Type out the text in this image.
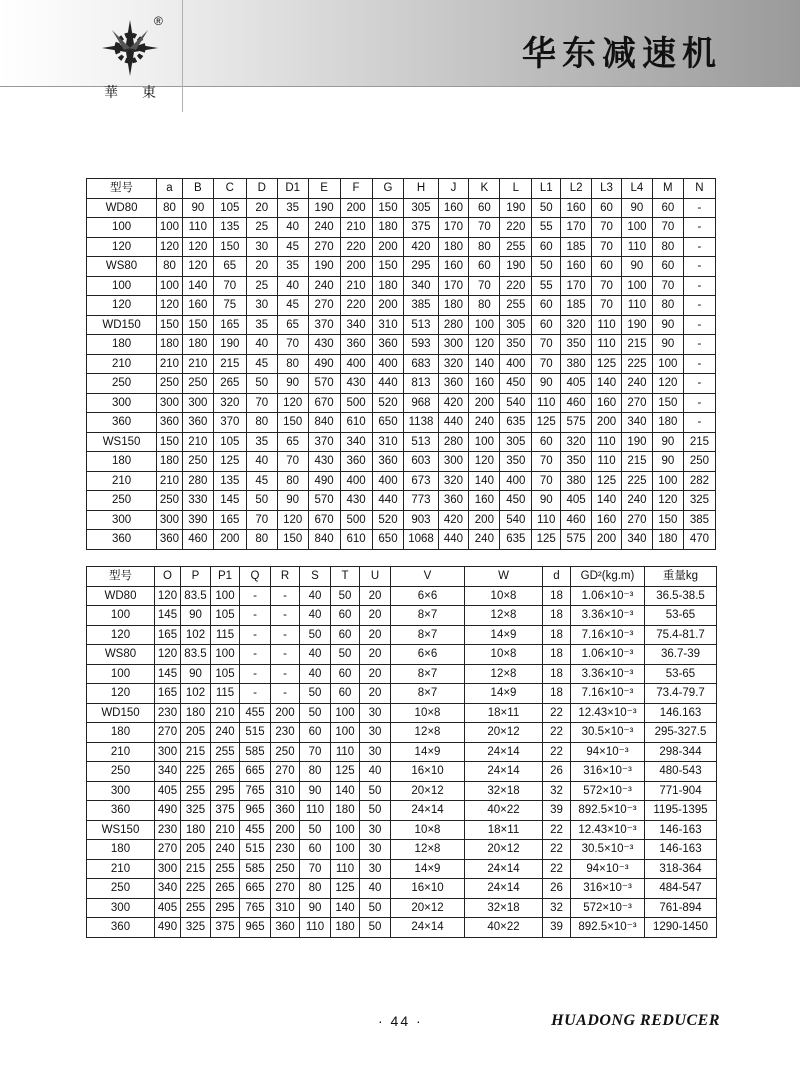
®
華 東
华东减速机
型号	a	B	C	D	D1	E	F	G	H	J	K	L	L1	L2	L3	L4	M	N
WD80	80	90	105	20	35	190	200	150	305	160	60	190	50	160	60	90	60	-
100	100	110	135	25	40	240	210	180	375	170	70	220	55	170	70	100	70	-
120	120	120	150	30	45	270	220	200	420	180	80	255	60	185	70	110	80	-
WS80	80	120	65	20	35	190	200	150	295	160	60	190	50	160	60	90	60	-
100	100	140	70	25	40	240	210	180	340	170	70	220	55	170	70	100	70	-
120	120	160	75	30	45	270	220	200	385	180	80	255	60	185	70	110	80	-
WD150	150	150	165	35	65	370	340	310	513	280	100	305	60	320	110	190	90	-
180	180	180	190	40	70	430	360	360	593	300	120	350	70	350	110	215	90	-
210	210	210	215	45	80	490	400	400	683	320	140	400	70	380	125	225	100	-
250	250	250	265	50	90	570	430	440	813	360	160	450	90	405	140	240	120	-
300	300	300	320	70	120	670	500	520	968	420	200	540	110	460	160	270	150	-
360	360	360	370	80	150	840	610	650	1138	440	240	635	125	575	200	340	180	-
WS150	150	210	105	35	65	370	340	310	513	280	100	305	60	320	110	190	90	215
180	180	250	125	40	70	430	360	360	603	300	120	350	70	350	110	215	90	250
210	210	280	135	45	80	490	400	400	673	320	140	400	70	380	125	225	100	282
250	250	330	145	50	90	570	430	440	773	360	160	450	90	405	140	240	120	325
300	300	390	165	70	120	670	500	520	903	420	200	540	110	460	160	270	150	385
360	360	460	200	80	150	840	610	650	1068	440	240	635	125	575	200	340	180	470
型号	O	P	P1	Q	R	S	T	U	V	W	d	GD²(kg.m)	重量kg
WD80	120	83.5	100	-	-	40	50	20	6×6	10×8	18	1.06×10⁻³	36.5-38.5
100	145	90	105	-	-	40	60	20	8×7	12×8	18	3.36×10⁻³	53-65
120	165	102	115	-	-	50	60	20	8×7	14×9	18	7.16×10⁻³	75.4-81.7
WS80	120	83.5	100	-	-	40	50	20	6×6	10×8	18	1.06×10⁻³	36.7-39
100	145	90	105	-	-	40	60	20	8×7	12×8	18	3.36×10⁻³	53-65
120	165	102	115	-	-	50	60	20	8×7	14×9	18	7.16×10⁻³	73.4-79.7
WD150	230	180	210	455	200	50	100	30	10×8	18×11	22	12.43×10⁻³	146.163
180	270	205	240	515	230	60	100	30	12×8	20×12	22	30.5×10⁻³	295-327.5
210	300	215	255	585	250	70	110	30	14×9	24×14	22	94×10⁻³	298-344
250	340	225	265	665	270	80	125	40	16×10	24×14	26	316×10⁻³	480-543
300	405	255	295	765	310	90	140	50	20×12	32×18	32	572×10⁻³	771-904
360	490	325	375	965	360	110	180	50	24×14	40×22	39	892.5×10⁻³	1195-1395
WS150	230	180	210	455	200	50	100	30	10×8	18×11	22	12.43×10⁻³	146-163
180	270	205	240	515	230	60	100	30	12×8	20×12	22	30.5×10⁻³	146-163
210	300	215	255	585	250	70	110	30	14×9	24×14	22	94×10⁻³	318-364
250	340	225	265	665	270	80	125	40	16×10	24×14	26	316×10⁻³	484-547
300	405	255	295	765	310	90	140	50	20×12	32×18	32	572×10⁻³	761-894
360	490	325	375	965	360	110	180	50	24×14	40×22	39	892.5×10⁻³	1290-1450
· 44 ·	HUADONG REDUCER
